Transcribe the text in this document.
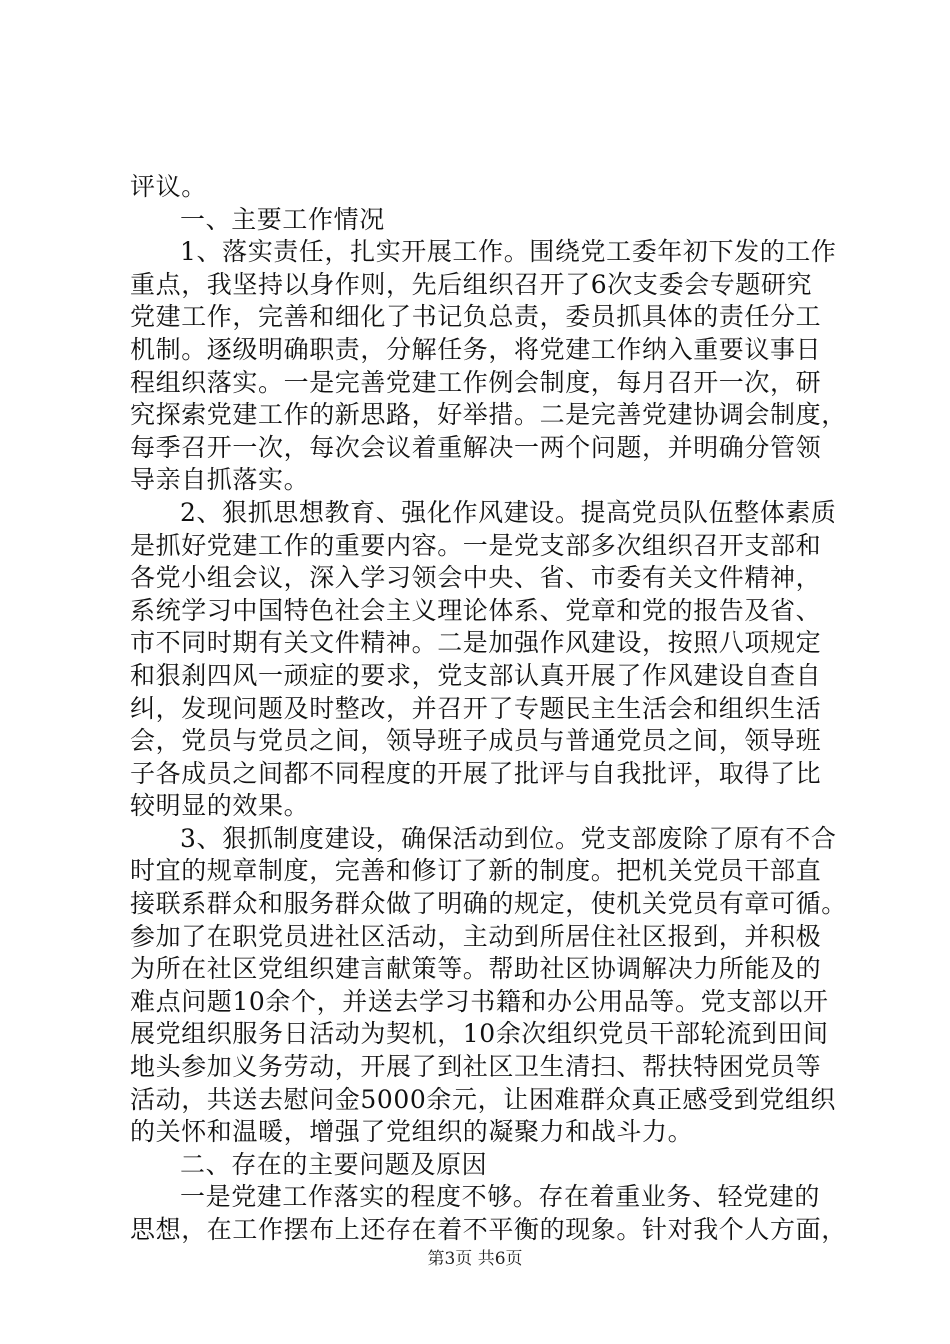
评议。
一、主要工作情况
1、落实责任，扎实开展工作。围绕党工委年初下发的工作
重点，我坚持以身作则，先后组织召开了6次支委会专题研究
党建工作，完善和细化了书记负总责，委员抓具体的责任分工
机制。逐级明确职责，分解任务，将党建工作纳入重要议事日
程组织落实。一是完善党建工作例会制度，每月召开一次，研
究探索党建工作的新思路，好举措。二是完善党建协调会制度，
每季召开一次，每次会议着重解决一两个问题，并明确分管领
导亲自抓落实。
2、狠抓思想教育、强化作风建设。提高党员队伍整体素质
是抓好党建工作的重要内容。一是党支部多次组织召开支部和
各党小组会议，深入学习领会中央、省、市委有关文件精神，
系统学习中国特色社会主义理论体系、党章和党的报告及省、
市不同时期有关文件精神。二是加强作风建设，按照八项规定
和狠刹四风一顽症的要求，党支部认真开展了作风建设自查自
纠，发现问题及时整改，并召开了专题民主生活会和组织生活
会，党员与党员之间，领导班子成员与普通党员之间，领导班
子各成员之间都不同程度的开展了批评与自我批评，取得了比
较明显的效果。
3、狠抓制度建设，确保活动到位。党支部废除了原有不合
时宜的规章制度，完善和修订了新的制度。把机关党员干部直
接联系群众和服务群众做了明确的规定，使机关党员有章可循。
参加了在职党员进社区活动，主动到所居住社区报到，并积极
为所在社区党组织建言献策等。帮助社区协调解决力所能及的
难点问题10余个，并送去学习书籍和办公用品等。党支部以开
展党组织服务日活动为契机，10余次组织党员干部轮流到田间
地头参加义务劳动，开展了到社区卫生清扫、帮扶特困党员等
活动，共送去慰问金5000余元，让困难群众真正感受到党组织
的关怀和温暖，增强了党组织的凝聚力和战斗力。
二、存在的主要问题及原因
一是党建工作落实的程度不够。存在着重业务、轻党建的
思想，在工作摆布上还存在着不平衡的现象。针对我个人方面，
第3页 共6页
